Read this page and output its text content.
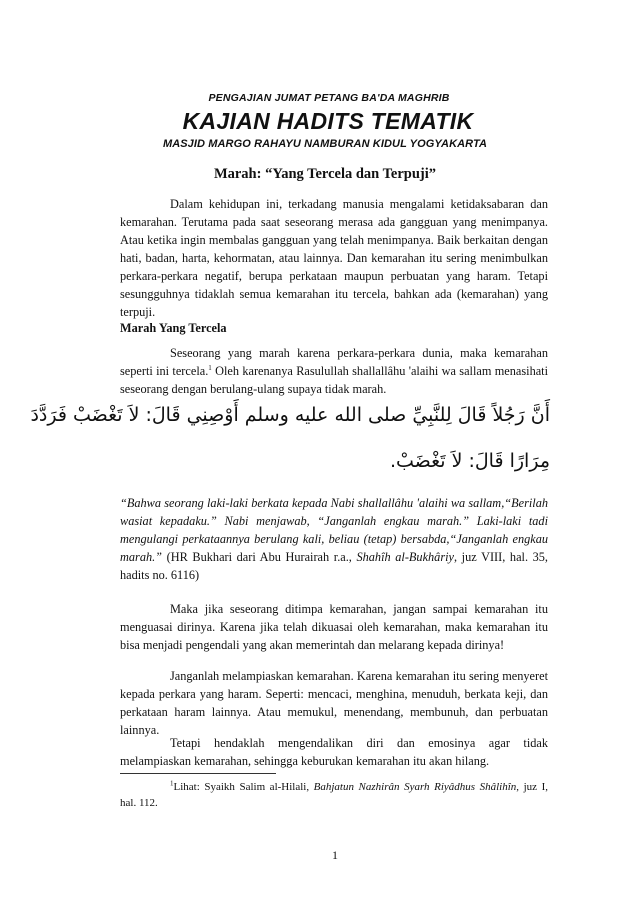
PENGAJIAN JUMAT PETANG BA'DA MAGHRIB
KAJIAN HADITS TEMATIK
MASJID MARGO RAHAYU NAMBURAN KIDUL YOGYAKARTA
Marah: “Yang Tercela dan Terpuji”
Dalam kehidupan ini, terkadang manusia mengalami ketidaksabaran dan kemarahan. Terutama pada saat seseorang merasa ada gangguan yang menimpanya. Atau ketika ingin membalas gangguan yang telah menimpanya. Baik berkaitan dengan hati, badan, harta, kehormatan, atau lainnya. Dan kemarahan itu sering menimbulkan perkara-perkara negatif, berupa perkataan maupun perbuatan yang haram. Tetapi sesungguhnya tidaklah semua kemarahan itu tercela, bahkan ada (kemarahan) yang terpuji.
Marah Yang Tercela
Seseorang yang marah karena perkara-perkara dunia, maka kemarahan seperti ini tercela.$^1$ Oleh karenanya Rasulullah shallallâhu 'alaihi wa sallam menasihati seseorang dengan berulang-ulang supaya tidak marah.
أَنَّ رَجُلاً قَالَ لِلنَّبِيِّ صلى الله عليه وسلم أَوْصِنِي قَالَ: لاَ تَغْضَبْ فَرَدَّدَ
مِرَارًا قَالَ: لاَ تَغْضَبْ.
“Bahwa seorang laki-laki berkata kepada Nabi shallallâhu 'alaihi wa sallam,“Berilah wasiat kepadaku.” Nabi menjawab, “Janganlah engkau marah.” Laki-laki tadi mengulangi perkataannya berulang kali, beliau (tetap) bersabda,“Janganlah engkau marah.” (HR Bukhari dari Abu Hurairah r.a., Shahîh al-Bukhâriy, juz VIII, hal. 35, hadits no. 6116)
Maka jika seseorang ditimpa kemarahan, jangan sampai kemarahan itu menguasai dirinya. Karena jika telah dikuasai oleh kemarahan, maka kemarahan itu bisa menjadi pengendali yang akan memerintah dan melarang kepada dirinya!
Janganlah melampiaskan kemarahan. Karena kemarahan itu sering menyeret kepada perkara yang haram. Seperti: mencaci, menghina, menuduh, berkata keji, dan perkataan haram lainnya. Atau memukul, menendang, membunuh, dan perbuatan lainnya.
Tetapi hendaklah mengendalikan diri dan emosinya agar tidak melampiaskan kemarahan, sehingga keburukan kemarahan itu akan hilang.
$^1$Lihat: Syaikh Salim al-Hilali, Bahjatun Nazhirân Syarh Riyâdhus Shâlihîn, juz I, hal. 112.
1
